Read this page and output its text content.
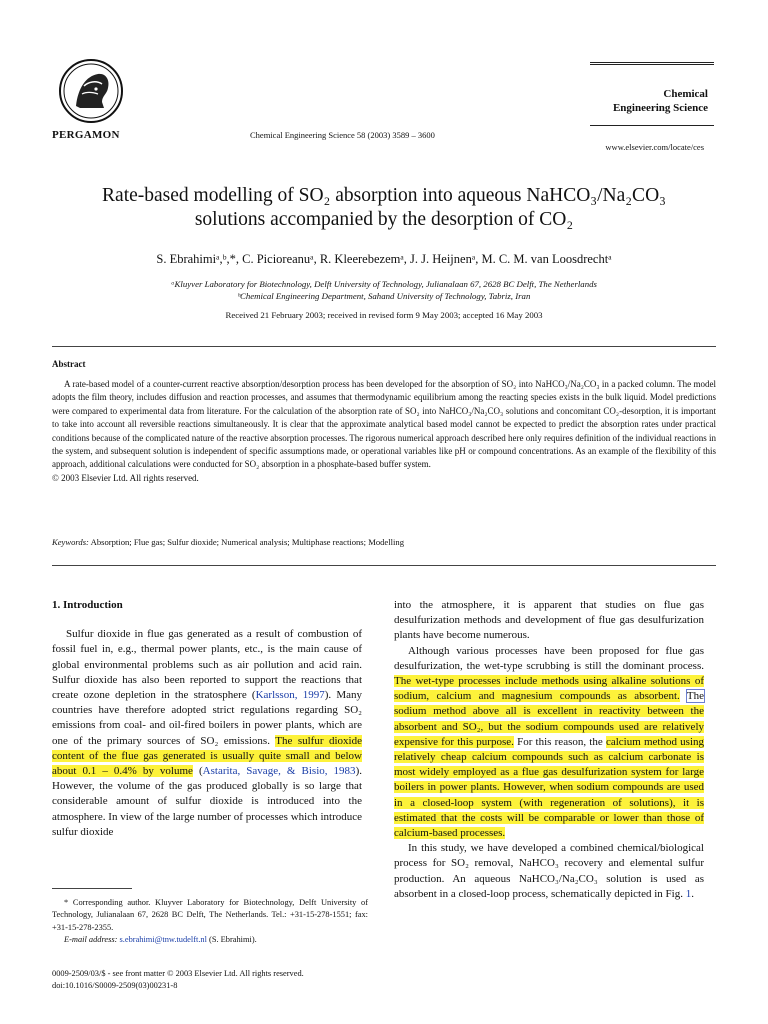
PERGAMON	Chemical Engineering Science 58 (2003) 3589 – 3600
Chemical
Engineering Science
www.elsevier.com/locate/ces
Rate-based modelling of SO₂ absorption into aqueous NaHCO₃/Na₂CO₃
solutions accompanied by the desorption of CO₂
S. Ebrahimiᵃ,ᵇ,*, C. Picioreanuᵃ, R. Kleerebezemᵃ, J. J. Heijnenᵃ, M. C. M. van Loosdrechtᵃ
ᵃKluyver Laboratory for Biotechnology, Delft University of Technology, Julianalaan 67, 2628 BC Delft, The Netherlands
ᵇChemical Engineering Department, Sahand University of Technology, Tabriz, Iran
Received 21 February 2003; received in revised form 9 May 2003; accepted 16 May 2003
Abstract

A rate-based model of a counter-current reactive absorption/desorption process has been developed for the absorption of SO₂ into NaHCO₃/Na₂CO₃ in a packed column. The model adopts the film theory, includes diffusion and reaction processes, and assumes that thermodynamic equilibrium among the reacting species exists in the bulk liquid. Model predictions were compared to experimental data from literature. For the calculation of the absorption rate of SO₂ into NaHCO₃/Na₂CO₃ solutions and concomitant CO₂-desorption, it is important to take into account all reversible reactions simultaneously. It is clear that the approximate analytical based model cannot be expected to predict the absorption rates under practical conditions because of the complicated nature of the reactive absorption processes. The rigorous numerical approach described here only requires definition of the individual reactions in the system, and subsequent solution is independent of specific assumptions made, or operational variables like pH or compound concentrations. As an example of the flexibility of this approach, additional calculations were conducted for SO₂ absorption in a phosphate-based buffer system.

© 2003 Elsevier Ltd. All rights reserved.

Keywords: Absorption; Flue gas; Sulfur dioxide; Numerical analysis; Multiphase reactions; Modelling

1. Introduction

Sulfur dioxide in flue gas generated as a result of combustion of fossil fuel in, e.g., thermal power plants, etc., is the main cause of global environmental problems such as air pollution and acid rain. Sulfur dioxide has also been reported to support the reactions that create ozone depletion in the stratosphere (Karlsson, 1997). Many countries have therefore adopted strict regulations regarding SO₂ emissions from coal- and oil-fired boilers in power plants, which are one of the primary sources of SO₂ emissions. The sulfur dioxide content of the flue gas generated is usually quite small and below about 0.1 – 0.4% by volume (Astarita, Savage, & Bisio, 1983). However, the volume of the gas produced globally is so large that considerable amount of sulfur dioxide is introduced into the atmosphere. In view of the large number of processes which introduce sulfur dioxide

into the atmosphere, it is apparent that studies on flue gas desulfurization methods and development of flue gas desulfurization plants have become numerous.

Although various processes have been proposed for flue gas desulfurization, the wet-type scrubbing is still the dominant process. The wet-type processes include methods using alkaline solutions of sodium, calcium and magnesium compounds as absorbent. The sodium method above all is excellent in reactivity between the absorbent and SO₂, but the sodium compounds used are relatively expensive for this purpose. For this reason, the calcium method using relatively cheap calcium compounds such as calcium carbonate is most widely employed as a flue gas desulfurization system for large boilers in power plants. However, when sodium compounds are used in a closed-loop system (with regeneration of solutions), it is estimated that the costs will be comparable or lower than those of calcium-based processes.

In this study, we have developed a combined chemical/biological process for SO₂ removal, NaHCO₃ recovery and elemental sulfur production. An aqueous NaHCO₃/Na₂CO₃ solution is used as absorbent in a closed-loop process, schematically depicted in Fig. 1.

* Corresponding author. Kluyver Laboratory for Biotechnology, Delft University of Technology, Julianalaan 67, 2628 BC Delft, The Netherlands. Tel.: +31-15-278-1551; fax: +31-15-278-2355.

E-mail address: s.ebrahimi@tnw.tudelft.nl (S. Ebrahimi).

0009-2509/03/$ - see front matter © 2003 Elsevier Ltd. All rights reserved.
doi:10.1016/S0009-2509(03)00231-8
